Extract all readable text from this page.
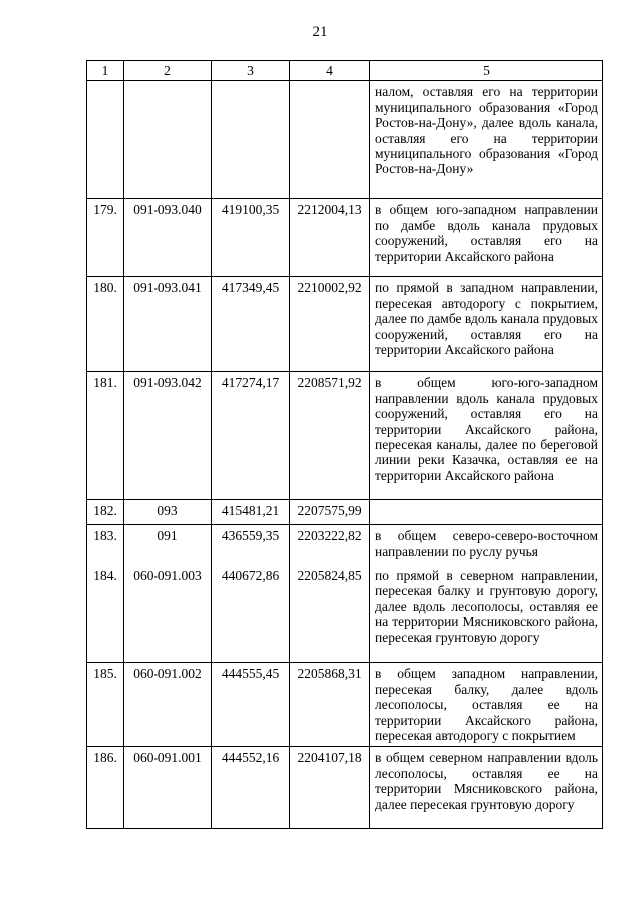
21
1	2	3	4	5
				налом, оставляя его на территории муниципального образования «Город Ростов-на-Дону», далее вдоль канала, оставляя его на территории муниципального образования «Город Ростов-на-Дону»
179.	091-093.040	419100,35	2212004,13	в общем юго-западном направлении по дамбе вдоль канала прудовых сооружений, оставляя его на территории Аксайского района
180.	091-093.041	417349,45	2210002,92	по прямой в западном направлении, пересекая автодорогу с покрытием, далее по дамбе вдоль канала прудовых сооружений, оставляя его на территории Аксайского района
181.	091-093.042	417274,17	2208571,92	в общем юго-юго-западном направлении вдоль канала прудовых сооружений, оставляя его на территории Аксайского района, пересекая каналы, далее по береговой линии реки Казачка, оставляя ее на территории Аксайского района
182.	093	415481,21	2207575,99	
183.	091	436559,35	2203222,82	в общем северо-северо-восточном направлении по руслу ручья
184.	060-091.003	440672,86	2205824,85	по прямой в северном направлении, пересекая балку и грунтовую дорогу, далее вдоль лесополосы, оставляя ее на территории Мясниковского района, пересекая грунтовую дорогу
185.	060-091.002	444555,45	2205868,31	в общем западном направлении, пересекая балку, далее вдоль лесополосы, оставляя ее на территории Аксайского района, пересекая автодорогу с покрытием
186.	060-091.001	444552,16	2204107,18	в общем северном направлении вдоль лесополосы, оставляя ее на территории Мясниковского района, далее пересекая грунтовую дорогу
